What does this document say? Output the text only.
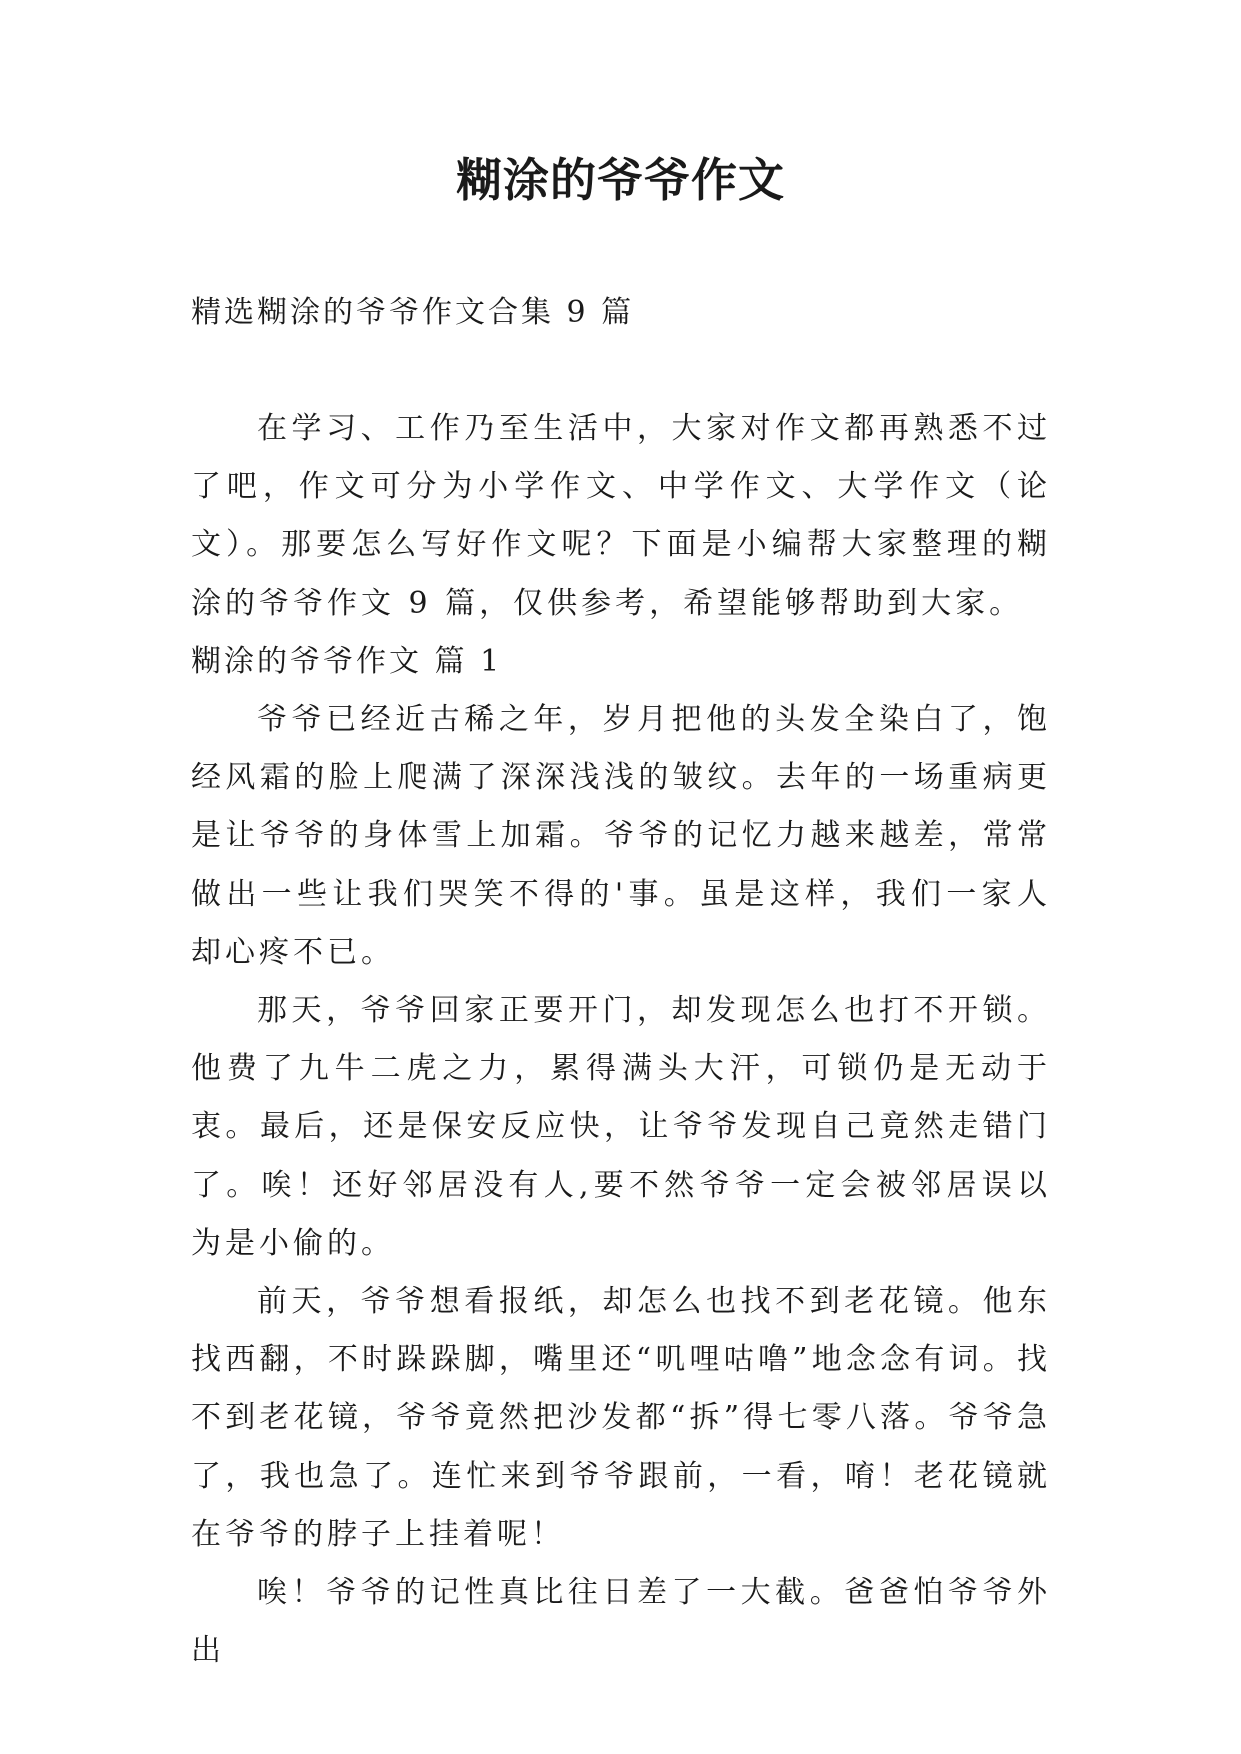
糊涂的爷爷作文

精选糊涂的爷爷作文合集 9 篇

在学习、工作乃至生活中，大家对作文都再熟悉不过了吧，作文可分为小学作文、中学作文、大学作文（论文）。那要怎么写好作文呢？下面是小编帮大家整理的糊涂的爷爷作文 9 篇，仅供参考，希望能够帮助到大家。

糊涂的爷爷作文 篇 1

爷爷已经近古稀之年，岁月把他的头发全染白了，饱经风霜的脸上爬满了深深浅浅的皱纹。去年的一场重病更是让爷爷的身体雪上加霜。爷爷的记忆力越来越差，常常做出一些让我们哭笑不得的'事。虽是这样，我们一家人却心疼不已。

那天，爷爷回家正要开门，却发现怎么也打不开锁。他费了九牛二虎之力，累得满头大汗，可锁仍是无动于衷。最后，还是保安反应快，让爷爷发现自己竟然走错门了。唉！还好邻居没有人,要不然爷爷一定会被邻居误以为是小偷的。

前天，爷爷想看报纸，却怎么也找不到老花镜。他东找西翻，不时跺跺脚，嘴里还“叽哩咕噜”地念念有词。找不到老花镜，爷爷竟然把沙发都“拆”得七零八落。爷爷急了，我也急了。连忙来到爷爷跟前，一看，唷！老花镜就在爷爷的脖子上挂着呢！

唉！爷爷的记性真比往日差了一大截。爸爸怕爷爷外出
